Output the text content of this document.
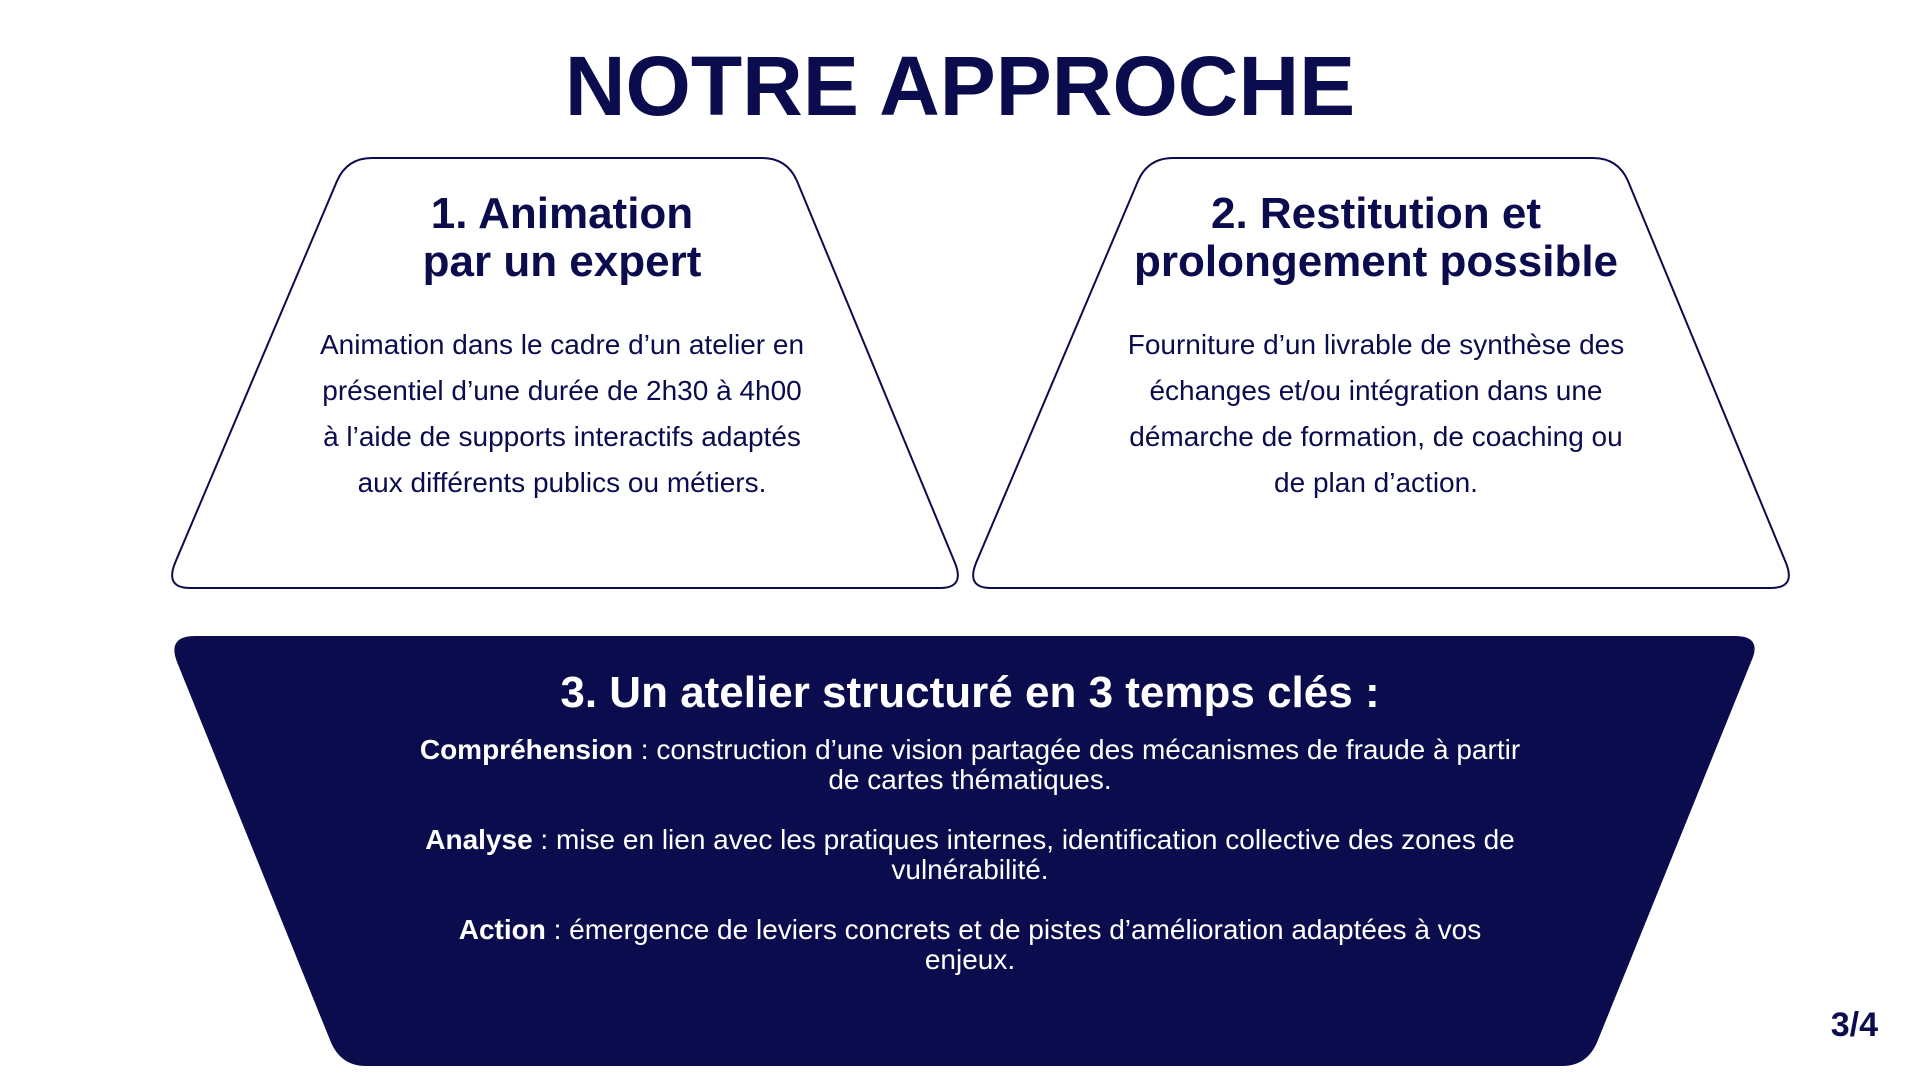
NOTRE APPROCHE
1. Animation
par un expert
Animation dans le cadre d’un atelier en
présentiel d’une durée de 2h30 à 4h00
à l’aide de supports interactifs adaptés
aux différents publics ou métiers.
2. Restitution et
prolongement possible
Fourniture d’un livrable de synthèse des
échanges et/ou intégration dans une
démarche de formation, de coaching ou
de plan d’action.
3. Un atelier structuré en 3 temps clés :

Compréhension : construction d’une vision partagée des mécanismes de fraude à partir
de cartes thématiques.

Analyse : mise en lien avec les pratiques internes, identification collective des zones de
vulnérabilité.

Action : émergence de leviers concrets et de pistes d’amélioration adaptées à vos
enjeux.

3/4
